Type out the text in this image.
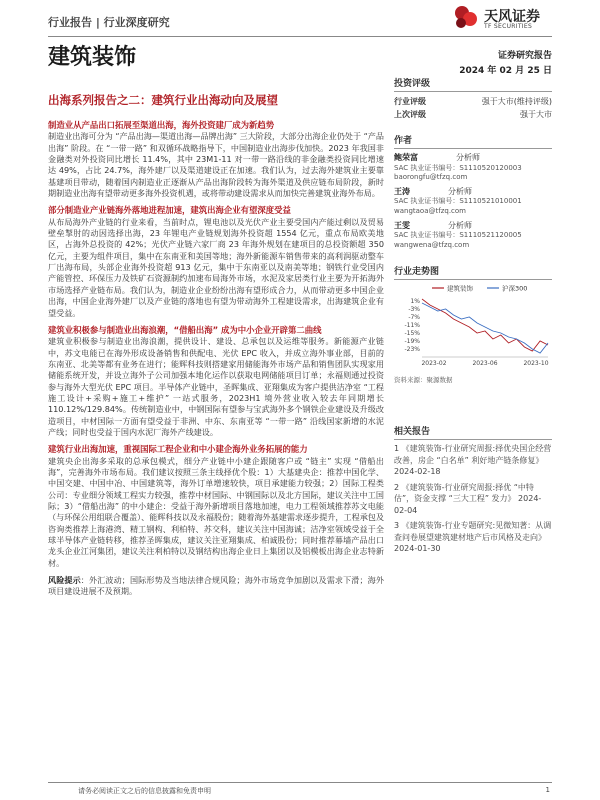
行业报告 | 行业深度研究	天风证券
TF SECURITIES
建筑装饰	证券研究报告
2024 年 02 月 25 日
出海系列报告之二：建筑行业出海动向及展望
制造业从产品出口拓展至渠道出海，海外投资建厂成为新趋势

制造业出海可分为 “产品出海—渠道出海—品牌出海” 三大阶段，大部分出海企业仍处于 “产品出海” 阶段。在 “一带一路” 和双循环战略指导下，中国制造业出海步伐加快。2023 年我国非金融类对外投资同比增长 11.4%，其中 23M1-11 对一带一路沿线的非金融类投资同比增速达 49%，占比 24.7%，海外建厂以及渠道建设正在加速。我们认为，过去海外建筑业主要靠基建项目带动，随着国内制造业正逐渐从产品出海阶段转为海外渠道及供应链布局阶段，新时期制造业出海有望带动更多海外投资机遇，或将带动建设需求从而加快完善建筑业海外布局。

部分制造业产业链海外落地进程加速，建筑出海企业有望深度受益

从布局海外产业链的行业来看，当前时点，锂电池以及光伏产业主要受国内产能过剩以及贸易壁垒掣肘的动因选择出海，23 年锂电产业链规划海外投资超 1554 亿元，重点布局欧美地区，占海外总投资的 42%；光伏产业链六家厂商 23 年海外规划在建项目的总投资额超 350 亿元，主要为组件项目，集中在东南亚和美国等地；海外新能源车销售带来的高利润驱动整车厂出海布局，头部企业海外投资超 913 亿元，集中于东南亚以及南美等地；钢铁行业受国内产能管控、环保压力及铁矿石资源制约加速布局海外市场，水泥及家居类行业主要为开拓海外市场选择产业链布局。我们认为，制造业企业纷纷出海有望形成合力，从而带动更多中国企业出海，中国企业海外建厂以及产业链的落地也有望为带动海外工程建设需求，出海建筑企业有望受益。

建筑业积极参与制造业出海浪潮，“借船出海” 成为中小企业开辟第二曲线

建筑业积极参与制造业出海浪潮，提供设计、建设、总承包以及运维等服务。新能源产业链中，苏文电能已在海外形成设备销售和供配电、光伏 EPC 收入，并成立海外事业部，目前的东南亚、北美等都有业务在进行；能辉科技则搭建家用储能海外市场产品和销售团队实现家用储能系统开发，并设立海外子公司加强本地化运作以获取电网储能项目订单；永福则通过投资参与海外大型光伏 EPC 项目。半导体产业链中，圣晖集成、亚翔集成为客户提供洁净室 “工程施工设计+采购+施工+维护” 一站式服务，2023H1 境外营业收入较去年同期增长 110.12%/129.84%。传统制造业中，中钢国际有望参与宝武海外多个钢铁企业建设及升级改造项目，中材国际一方面有望受益于非洲、中东、东南亚等 “一带一路” 沿线国家新增的水泥产线；同时也受益于国内水泥厂海外产线建设。

建筑行业出海加速，重视国际工程企业和中小建企海外业务拓展的能力

建筑央企出海多采取的总承包模式，细分产业链中小建企跟随客户或 “链主” 实现 “借船出海”，完善海外市场布局。我们建议按照三条主线择优个股：1）大基建央企：推荐中国化学、中国交建、中国中冶、中国建筑等，海外订单增速较快，项目承建能力较强；2）国际工程类公司：专业细分领域工程实力较强，推荐中材国际、中钢国际以及北方国际，建议关注中工国际；3）“借船出海” 的中小建企：受益于海外新增项目落地加速，电力工程领域推荐苏文电能（与环保公用组联合覆盖）、能辉科技以及永福股份；随着海外基建需求逐步提升，工程承包及咨询类推荐上海港湾、精工钢构、利柏特、苏交科，建议关注中国海诚；洁净室领域受益于全球半导体产业链转移，推荐圣晖集成，建议关注亚翔集成、柏诚股份；同时推荐幕墙产品出口龙头企业江河集团，建议关注利柏特以及钢结构出海企业日上集团以及铝模板出海企业志特新材。

风险提示：外汇波动；国际形势及当地法律合规风险；海外市场竞争加剧以及需求下滑；海外项目建设进展不及预期。

投资评级
行业评级	强于大市(维持评级)
上次评级	强于大市
作者
鲍荣富	分析师
SAC 执业证书编号：S1110520120003
baorongfu@tfzq.com
王涛	分析师
SAC 执业证书编号：S1110521010001
wangtaoa@tfzq.com
王雯	分析师
SAC 执业证书编号：S1110521120005
wangwena@tfzq.com
行业走势图
1%
-3%
-7%
-11%
-15%
-19%
-23%
2023-02	2023-06	2023-10
建筑装饰	沪深300
资料来源：聚源数据
相关报告
1 《建筑装饰-行业研究周报:择优央国企经营改善，房企 “白名单” 利好地产链条修复》 2024-02-18
2 《建筑装饰-行业研究周报:择优 “中特估”，资金支撑 “三大工程” 发力》 2024-02-04
3 《建筑装饰-行业专题研究:见微知著：从调查问卷展望建筑建材地产后市风格及走向》 2024-01-30
请务必阅读正文之后的信息披露和免责申明	1
